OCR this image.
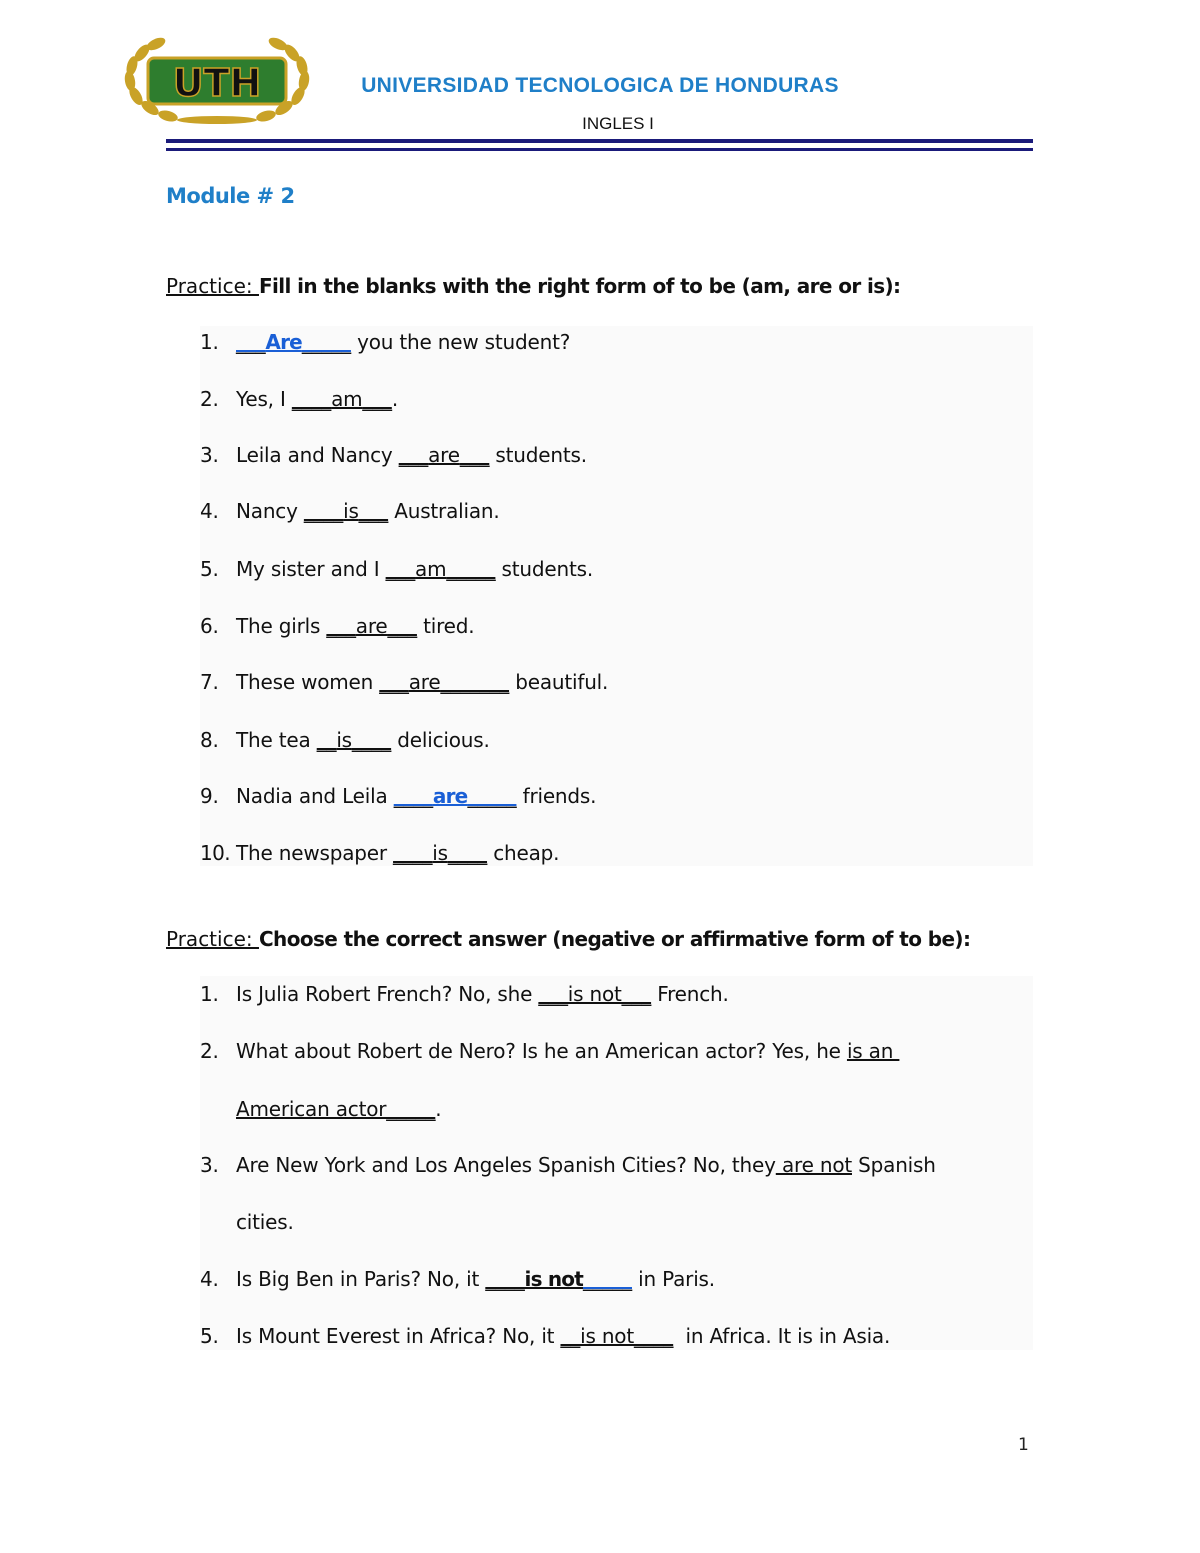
UTH	UNIVERSIDAD TECNOLOGICA DE HONDURAS
INGLES I
Module # 2
Practice: Fill in the blanks with the right form of to be (am, are or is):
1. ___Are_____ you the new student?
2. Yes, I ____am___.
3. Leila and Nancy ___are___ students.
4. Nancy ____is___ Australian.
5. My sister and I ___am_____ students.
6. The girls ___are___ tired.
7. These women ___are_______ beautiful.
8. The tea __is____ delicious.
9. Nadia and Leila ____are_____ friends.
10. The newspaper ____is____ cheap.
Practice: Choose the correct answer (negative or affirmative form of to be):
1. Is Julia Robert French? No, she ___is not___ French.
2. What about Robert de Nero? Is he an American actor? Yes, he is an
American actor_____.
3. Are New York and Los Angeles Spanish Cities? No, they are not Spanish
cities.
4. Is Big Ben in Paris? No, it ____is not_____ in Paris.
5. Is Mount Everest in Africa? No, it __is not____  in Africa. It is in Asia.
1
